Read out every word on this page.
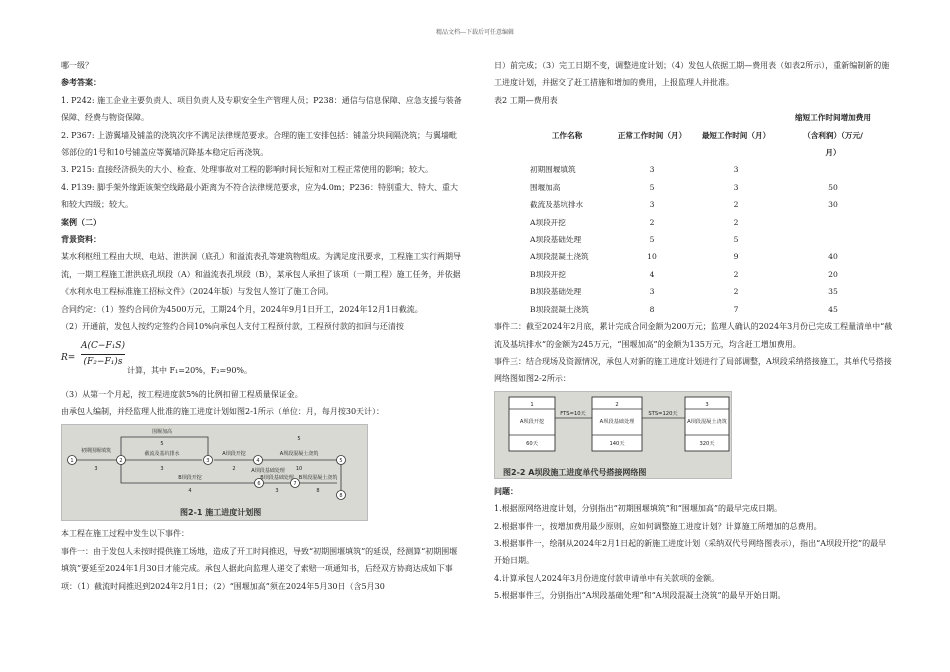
精品文档---下载后可任意编辑

哪一级？

参考答案：

1. P242: 施工企业主要负责人、项目负责人及专职安全生产管理人员；P238：通信与信息保障、应急支援与装备保障、经费与物资保障。

2. P367: 上游翼墙及铺盖的浇筑次序不满足法律规范要求。合理的施工安排包括：铺盖分块间隔浇筑；与翼墙毗邻部位的1号和10号铺盖应等翼墙沉降基本稳定后再浇筑。

3. P215: 直接经济损失的大小、检查、处理事故对工程的影响时间长短和对工程正常使用的影响；较大。

4. P139: 脚手架外缘距该架空线路最小距离为不符合法律规范要求，应为4.0m；P236：特别重大、特大、重大和较大四级；较大。

案例（二）

背景资料：

某水利枢纽工程由大坝、电站、泄洪洞（底孔）和溢流表孔等建筑物组成。为满足度汛要求，工程施工实行两期导流，一期工程施工泄洪底孔坝段（A）和溢流表孔坝段（B），某承包人承担了该项（一期工程）施工任务，并依据《水利水电工程标准施工招标文件》（2024年版）与发包人签订了施工合同。

合同约定：（1）签约合同价为4500万元，工期24个月，2024年9月1日开工，2024年12月1日截流。

（2）开通前，发包人按约定签约合同10%向承包人支付工程预付款，工程预付款的扣回与还清按

R=
A(C−F₁S)
(F₂−F₁)s
计算，其中 F₁=20%，F₂=90%。

（3）从第一个月起，按工程进度款5%的比例扣留工程质量保证金。

由承包人编制，并经监理人批准的施工进度计划如图2-1所示（单位：月，每月按30天计）：

1	2	3	4	5
6	7
8
初期围堰填筑
3
围堰加高
5
截流及基坑排水
3
A坝段开挖
2
A坝段混凝土浇筑
10
B坝段开挖
4
B坝段基础处理
3
B坝段混凝土浇筑
8
A坝段基础处理
5
图2-1 施工进度计划图

本工程在施工过程中发生以下事件：

事件一：由于发包人未按时提供施工场地，造成了开工时间推迟，导致“初期围堰填筑”的延误，经测算“初期围堰填筑”要延至2024年1月30日才能完成。承包人据此向监理人递交了索赔一项通知书，后经双方协商达成如下事项：（1）截流时间推迟到2024年2月1日；（2）“围堰加高”须在2024年5月30日（含5月30

日）前完成；（3）完工日期不变，调整进度计划；（4）发包人依据工期—费用表（如表2所示），重新编制新的施工进度计划，并据交了赶工措施和增加的费用，上报监理人并批准。

表2 工期—费用表

			缩短工作时间增加费用
工作名称	正常工作时间（月）	最短工作时间（月）	（含利润）（万元/
			月）
初期围堰填筑	3	3	
围堰加高	5	3	50
截流及基坑排水	3	2	30
A坝段开挖	2	2	
A坝段基础处理	5	5	
A坝段混凝土浇筑	10	9	40
B坝段开挖	4	2	20
B坝段基础处理	3	2	35
B坝段混凝土浇筑	8	7	45

事件二：截至2024年2月底，累计完成合同金额为200万元；监理人确认的2024年3月份已完成工程量清单中“截流及基坑排水”的金额为245万元，“围堰加高”的金额为135万元，均含赶工增加费用。

事件三：结合现场及资源情况，承包人对新的施工进度计划进行了局部调整，A坝段采纳搭接施工，其单代号搭接网络图如图2-2所示：

1
A坝段开挖
60天
2
A坝段基础处理
140天
3
A坝段混凝土浇筑
320天
FTS=10天	STS=120天
图2-2 A坝段施工进度单代号搭接网络图

问题：

1.根据原网络进度计划，分别指出“初期围堰填筑”和“围堰加高”的最早完成日期。

2.根据事件一，按增加费用最少原则，应如何调整施工进度计划？计算施工所增加的总费用。

3.根据事件一，绘制从2024年2月1日起的新施工进度计划（采纳双代号网络图表示），指出“A坝段开挖”的最早开始日期。

4.计算承包人2024年3月份进度付款申请单中有关款项的金额。

5.根据事件三，分别指出“A坝段基础处理”和“A坝段混凝土浇筑”的最早开始日期。
